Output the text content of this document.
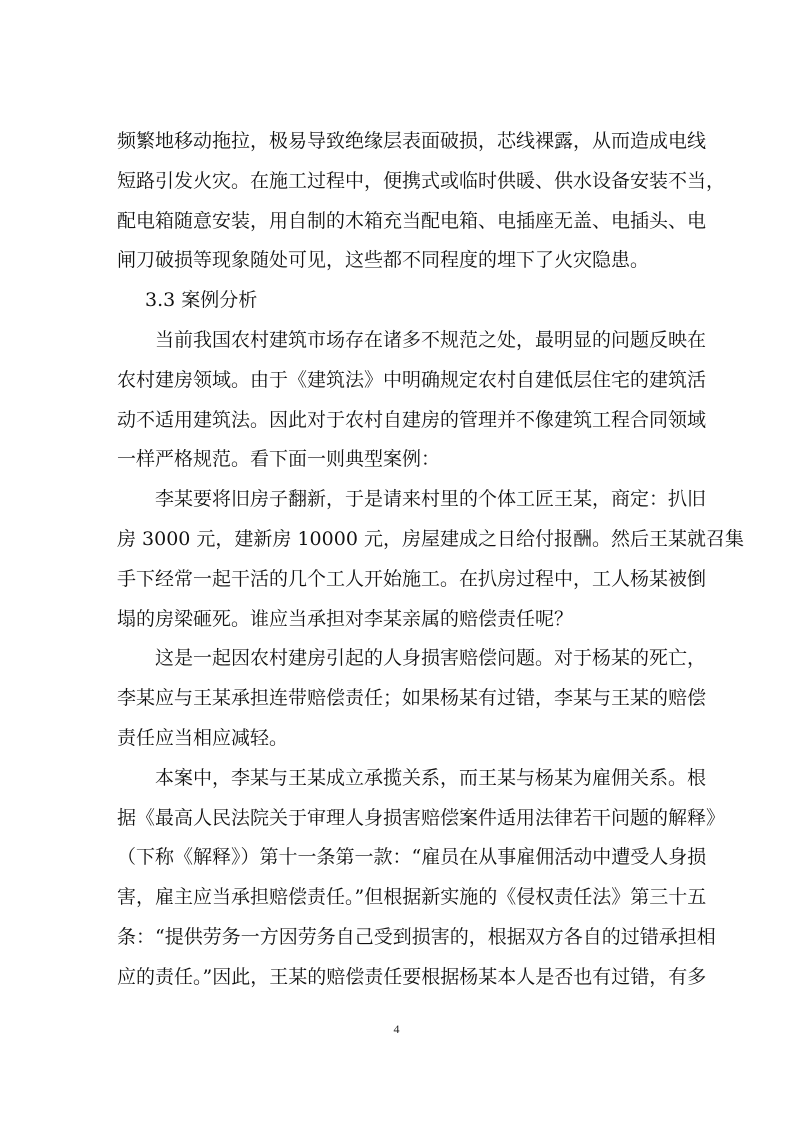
频繁地移动拖拉，极易导致绝缘层表面破损，芯线裸露，从而造成电线
短路引发火灾。在施工过程中，便携式或临时供暖、供水设备安装不当，
配电箱随意安装，用自制的木箱充当配电箱、电插座无盖、电插头、电
闸刀破损等现象随处可见，这些都不同程度的埋下了火灾隐患。
3.3 案例分析
当前我国农村建筑市场存在诸多不规范之处，最明显的问题反映在
农村建房领域。由于《建筑法》中明确规定农村自建低层住宅的建筑活
动不适用建筑法。因此对于农村自建房的管理并不像建筑工程合同领域
一样严格规范。看下面一则典型案例：
李某要将旧房子翻新，于是请来村里的个体工匠王某，商定：扒旧
房 3000 元，建新房 10000 元，房屋建成之日给付报酬。然后王某就召集
手下经常一起干活的几个工人开始施工。在扒房过程中，工人杨某被倒
塌的房梁砸死。谁应当承担对李某亲属的赔偿责任呢？
这是一起因农村建房引起的人身损害赔偿问题。对于杨某的死亡，
李某应与王某承担连带赔偿责任；如果杨某有过错，李某与王某的赔偿
责任应当相应减轻。
本案中，李某与王某成立承揽关系，而王某与杨某为雇佣关系。根
据《最高人民法院关于审理人身损害赔偿案件适用法律若干问题的解释》
（下称《解释》）第十一条第一款：“雇员在从事雇佣活动中遭受人身损
害，雇主应当承担赔偿责任。”但根据新实施的《侵权责任法》第三十五
条：“提供劳务一方因劳务自己受到损害的，根据双方各自的过错承担相
应的责任。”因此，王某的赔偿责任要根据杨某本人是否也有过错，有多
4
